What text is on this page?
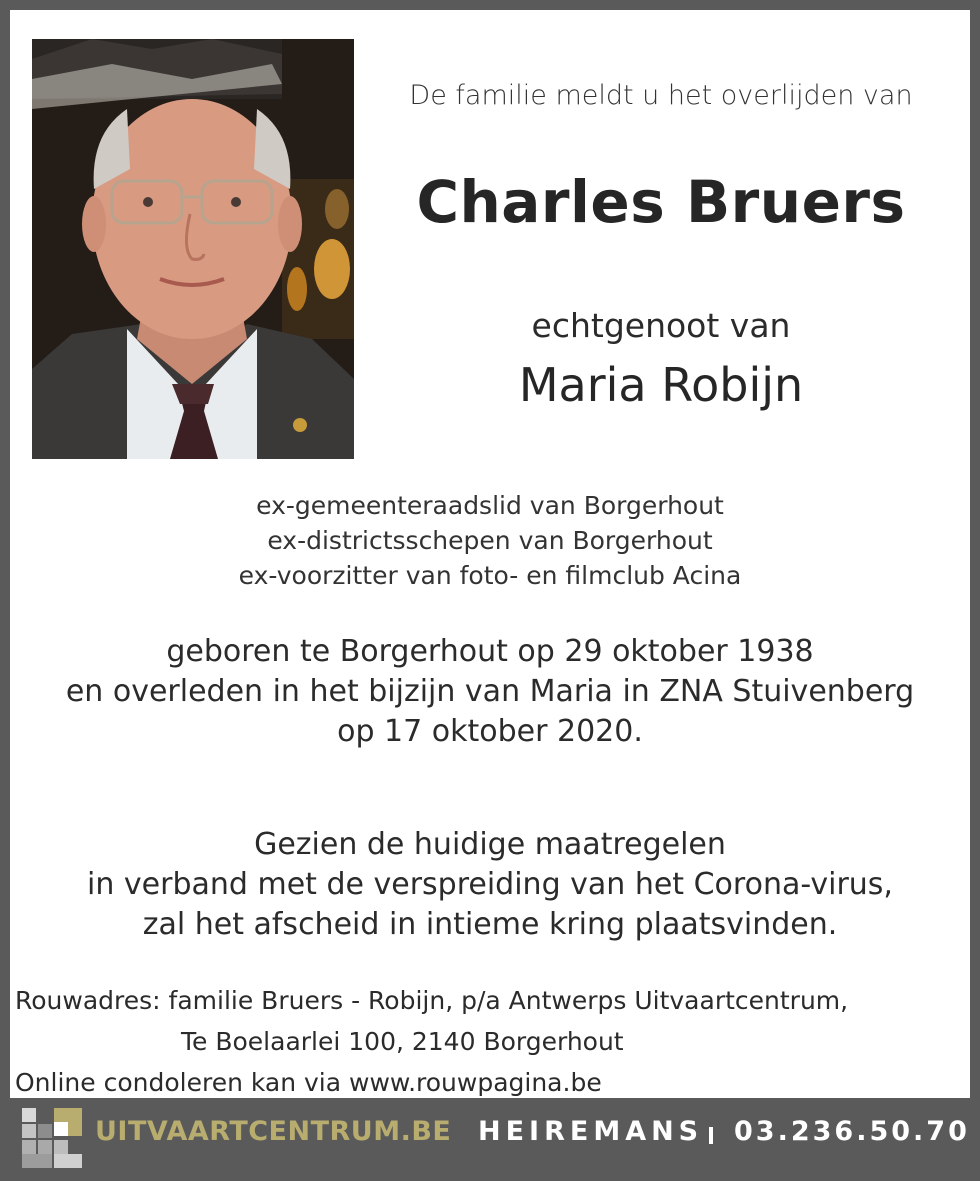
De familie meldt u het overlijden van
Charles Bruers
echtgenoot van
Maria Robijn
ex-gemeenteraadslid van Borgerhout
ex-districtsschepen van Borgerhout
ex-voorzitter van foto- en filmclub Acina
geboren te Borgerhout op 29 oktober 1938
en overleden in het bijzijn van Maria in ZNA Stuivenberg
op 17 oktober 2020.
Gezien de huidige maatregelen
in verband met de verspreiding van het Corona-virus,
zal het afscheid in intieme kring plaatsvinden.
Rouwadres: familie Bruers - Robijn, p/a Antwerps Uitvaartcentrum,
Te Boelaarlei 100, 2140 Borgerhout
Online condoleren kan via www.rouwpagina.be
UITVAARTCENTRUM.BE HEIREMANS 03.236.50.70
